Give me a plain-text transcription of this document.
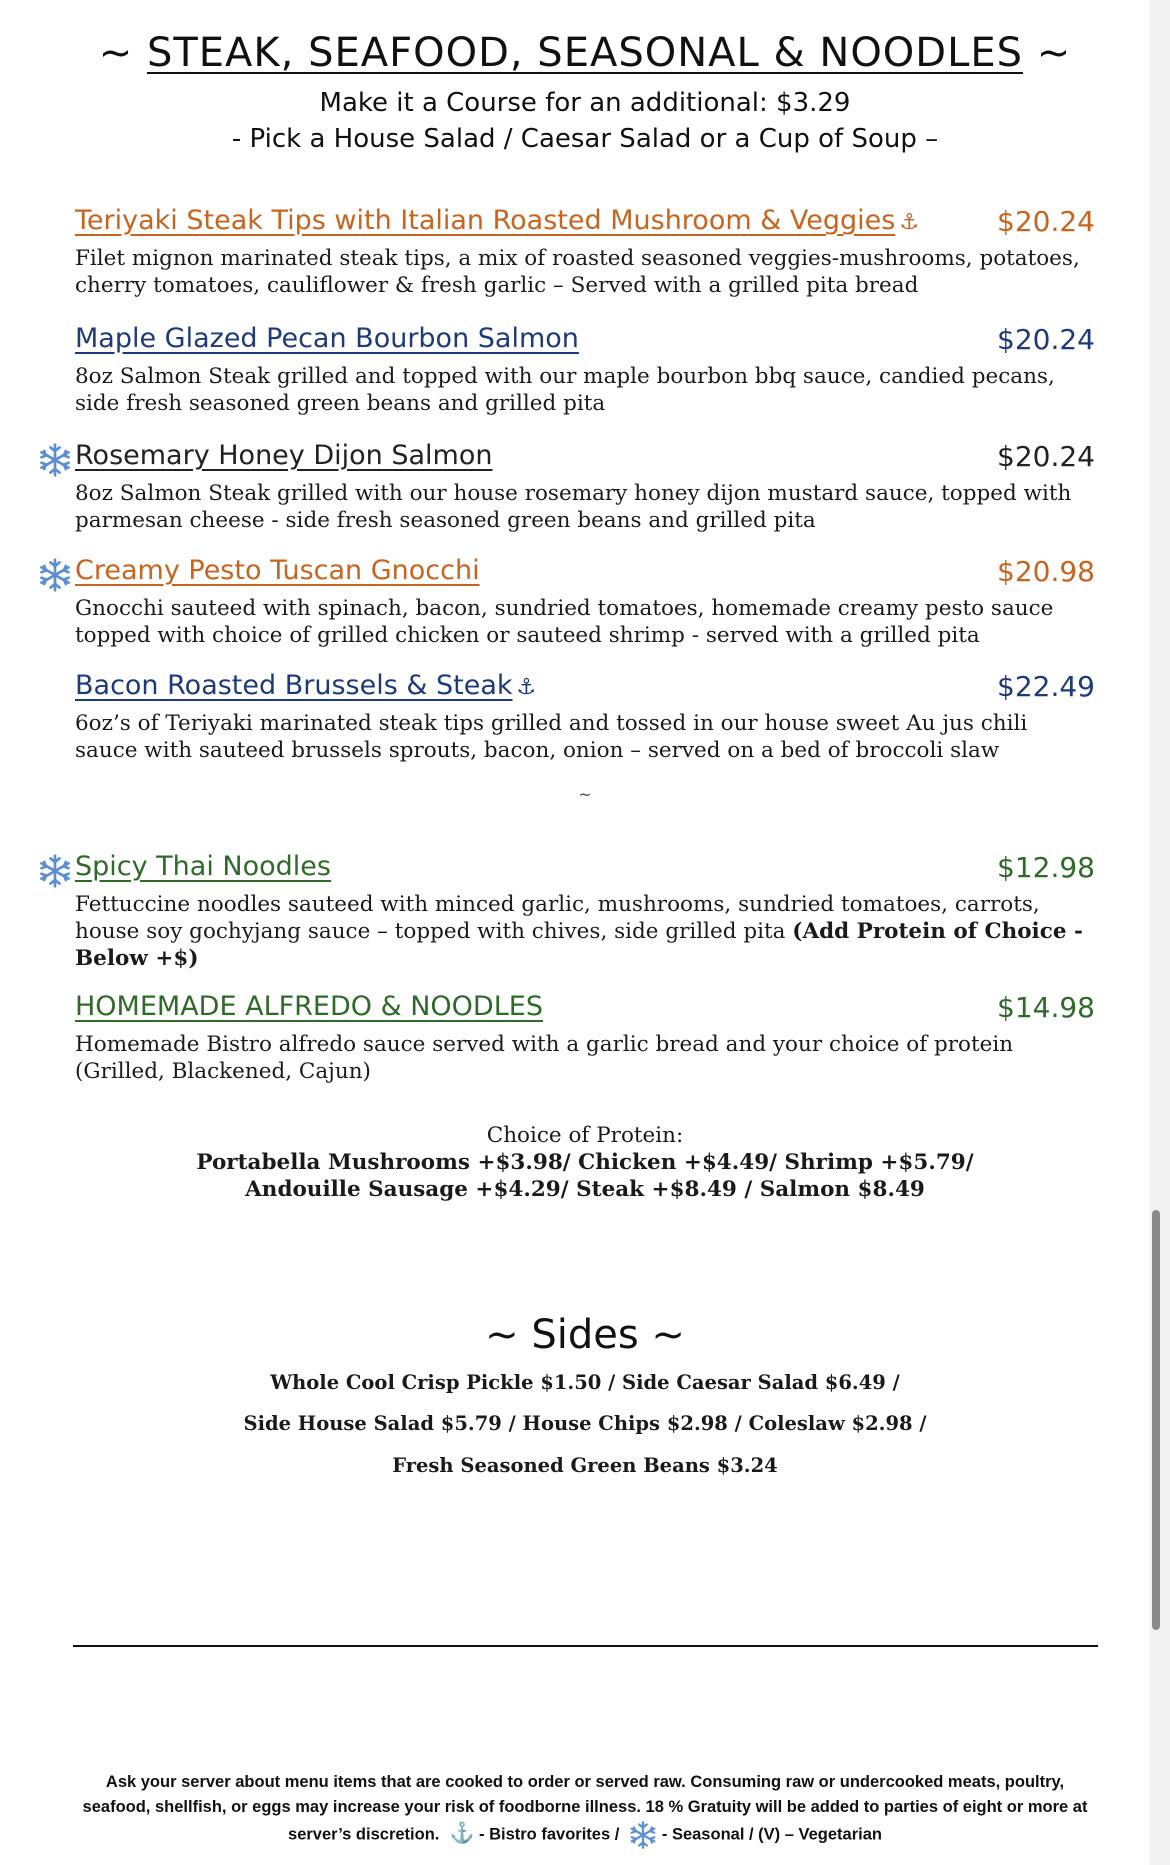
~ STEAK, SEAFOOD, SEASONAL & NOODLES ~
Make it a Course for an additional: $3.29
- Pick a House Salad / Caesar Salad or a Cup of Soup –
Teriyaki Steak Tips with Italian Roasted Mushroom & Veggies ⚓	$20.24
Filet mignon marinated steak tips, a mix of roasted seasoned veggies-mushrooms, potatoes, cherry tomatoes, cauliflower & fresh garlic – Served with a grilled pita bread
Maple Glazed Pecan Bourbon Salmon	$20.24
8oz Salmon Steak grilled and topped with our maple bourbon bbq sauce, candied pecans, side fresh seasoned green beans and grilled pita
Rosemary Honey Dijon Salmon	$20.24
8oz Salmon Steak grilled with our house rosemary honey dijon mustard sauce, topped with parmesan cheese - side fresh seasoned green beans and grilled pita
Creamy Pesto Tuscan Gnocchi	$20.98
Gnocchi sauteed with spinach, bacon, sundried tomatoes, homemade creamy pesto sauce topped with choice of grilled chicken or sauteed shrimp - served with a grilled pita
Bacon Roasted Brussels & Steak ⚓	$22.49
6oz’s of Teriyaki marinated steak tips grilled and tossed in our house sweet Au jus chili sauce with sauteed brussels sprouts, bacon, onion – served on a bed of broccoli slaw
~
Spicy Thai Noodles	$12.98
Fettuccine noodles sauteed with minced garlic, mushrooms, sundried tomatoes, carrots, house soy gochyjang sauce – topped with chives, side grilled pita (Add Protein of Choice - Below +$)
HOMEMADE ALFREDO & NOODLES	$14.98
Homemade Bistro alfredo sauce served with a garlic bread and your choice of protein (Grilled, Blackened, Cajun)
Choice of Protein:
Portabella Mushrooms +$3.98/ Chicken +$4.49/ Shrimp +$5.79/
Andouille Sausage +$4.29/ Steak +$8.49 / Salmon $8.49
~ Sides ~
Whole Cool Crisp Pickle $1.50 / Side Caesar Salad $6.49 /
Side House Salad $5.79 / House Chips $2.98 / Coleslaw $2.98 /
Fresh Seasoned Green Beans $3.24
Ask your server about menu items that are cooked to order or served raw. Consuming raw or undercooked meats, poultry,
seafood, shellfish, or eggs may increase your risk of foodborne illness. 18 % Gratuity will be added to parties of eight or more at
server’s discretion.  ⚓ - Bistro favorites / - Seasonal / (V) – Vegetarian
